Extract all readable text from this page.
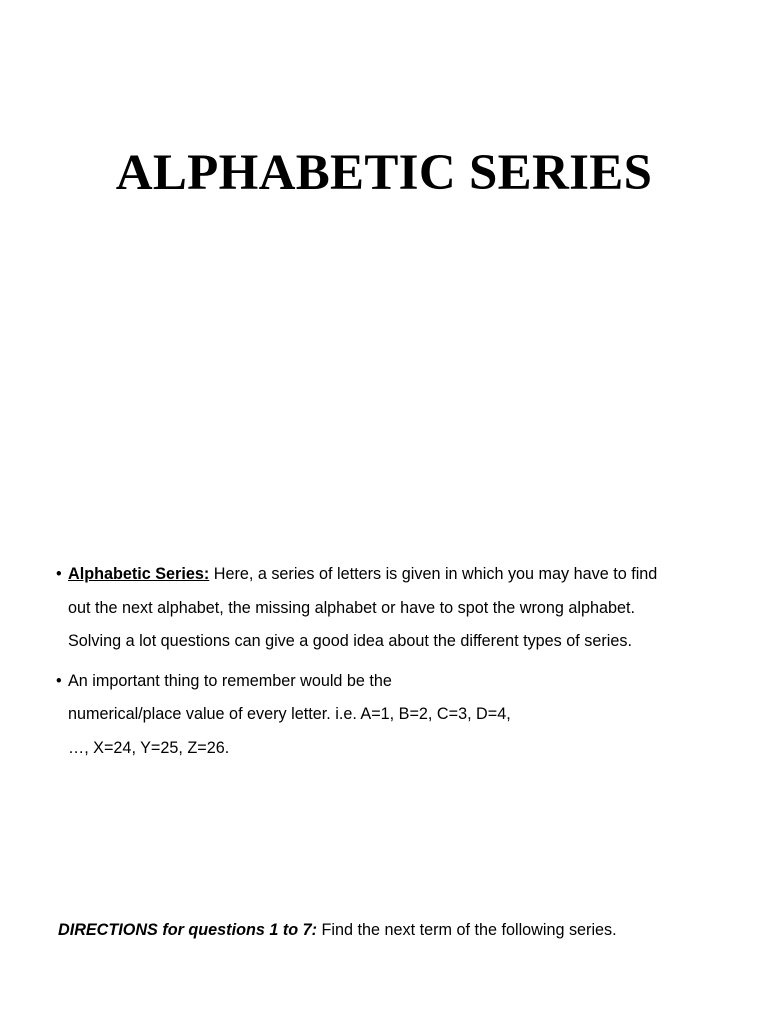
ALPHABETIC SERIES
• Alphabetic Series: Here, a series of letters is given in which you may have to find
out the next alphabet, the missing alphabet or have to spot the wrong alphabet.
Solving a lot questions can give a good idea about the different types of series.
• An important thing to remember would be the
numerical/place value of every letter. i.e. A=1, B=2, C=3, D=4,
…, X=24, Y=25, Z=26.

DIRECTIONS for questions 1 to 7: Find the next term of the following series.
